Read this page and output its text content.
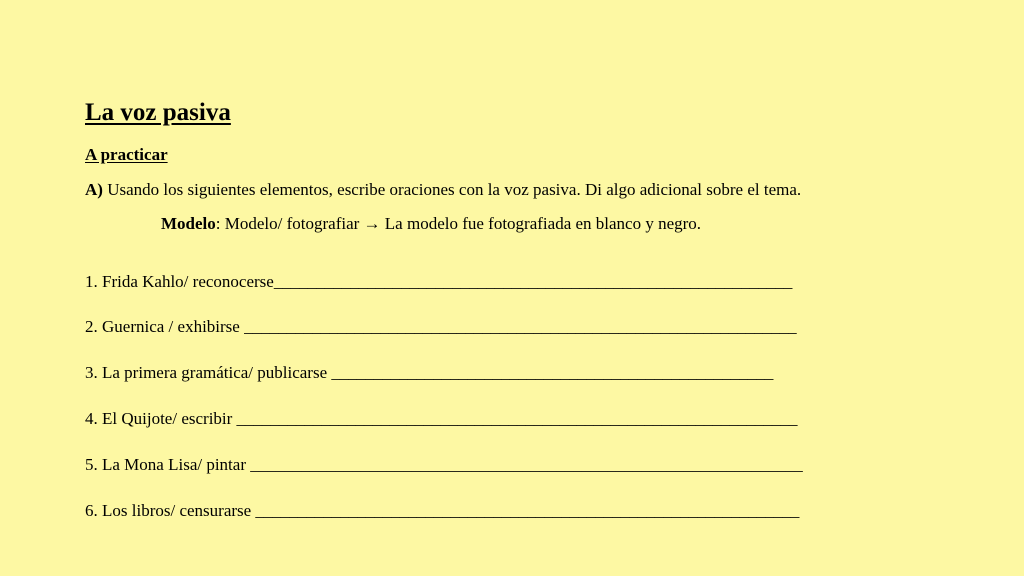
La voz pasiva
A practicar
A) Usando los siguientes elementos, escribe oraciones con la voz pasiva. Di algo adicional sobre el tema.
Modelo: Modelo/ fotografiar → La modelo fue fotografiada en blanco y negro.
1. Frida Kahlo/ reconocerse_____________________________________________________________
2. Guernica / exhibirse _________________________________________________________________
3. La primera gramática/ publicarse ____________________________________________________
4. El Quijote/ escribir __________________________________________________________________
5. La Mona Lisa/ pintar _________________________________________________________________
6. Los libros/ censurarse ________________________________________________________________
